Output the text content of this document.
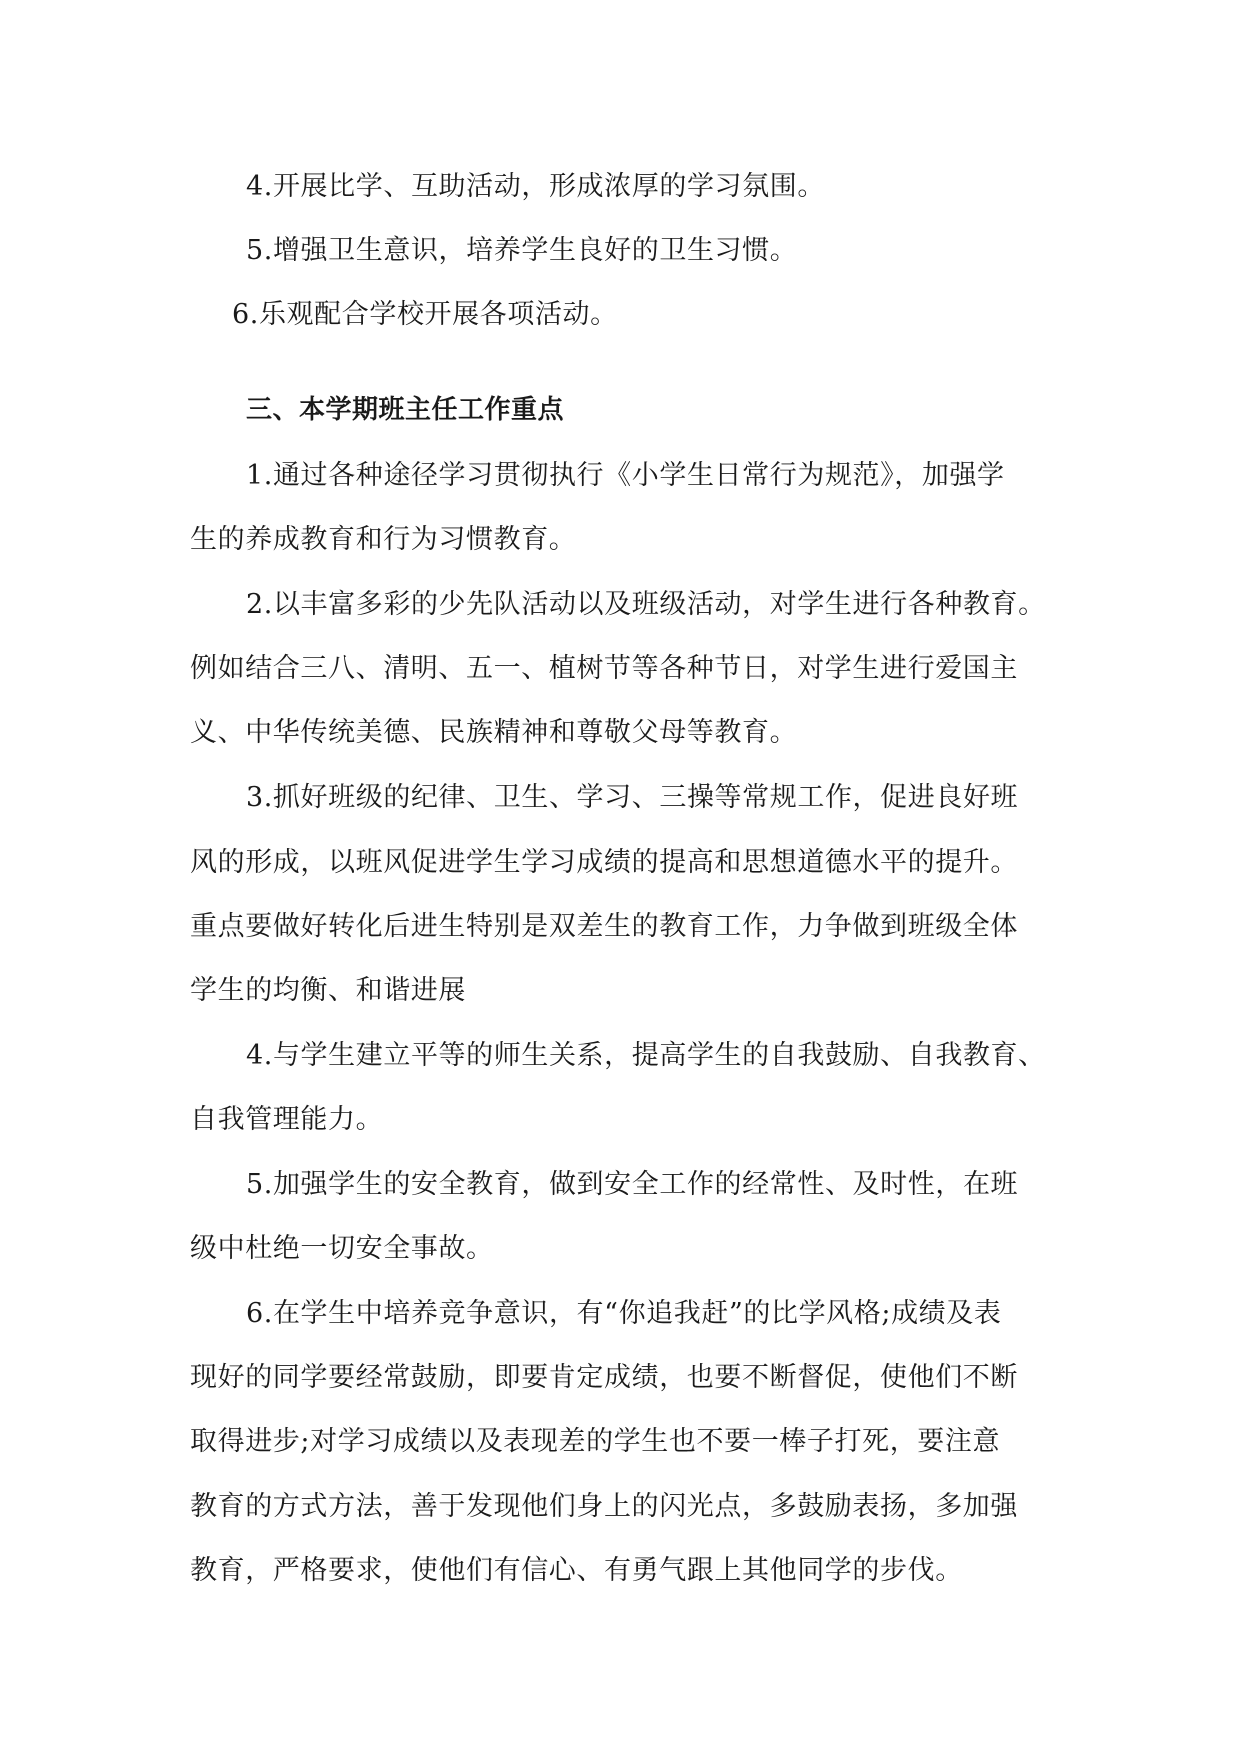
4.开展比学、互助活动，形成浓厚的学习氛围。
5.增强卫生意识，培养学生良好的卫生习惯。
6.乐观配合学校开展各项活动。
三、本学期班主任工作重点
1.通过各种途径学习贯彻执行《小学生日常行为规范》，加强学
生的养成教育和行为习惯教育。
2.以丰富多彩的少先队活动以及班级活动，对学生进行各种教育。
例如结合三八、清明、五一、植树节等各种节日，对学生进行爱国主
义、中华传统美德、民族精神和尊敬父母等教育。
3.抓好班级的纪律、卫生、学习、三操等常规工作，促进良好班
风的形成，以班风促进学生学习成绩的提高和思想道德水平的提升。
重点要做好转化后进生特别是双差生的教育工作，力争做到班级全体
学生的均衡、和谐进展
4.与学生建立平等的师生关系，提高学生的自我鼓励、自我教育、
自我管理能力。
5.加强学生的安全教育，做到安全工作的经常性、及时性，在班
级中杜绝一切安全事故。
6.在学生中培养竞争意识，有“你追我赶”的比学风格;成绩及表
现好的同学要经常鼓励，即要肯定成绩，也要不断督促，使他们不断
取得进步;对学习成绩以及表现差的学生也不要一棒子打死，要注意
教育的方式方法，善于发现他们身上的闪光点，多鼓励表扬，多加强
教育，严格要求，使他们有信心、有勇气跟上其他同学的步伐。
